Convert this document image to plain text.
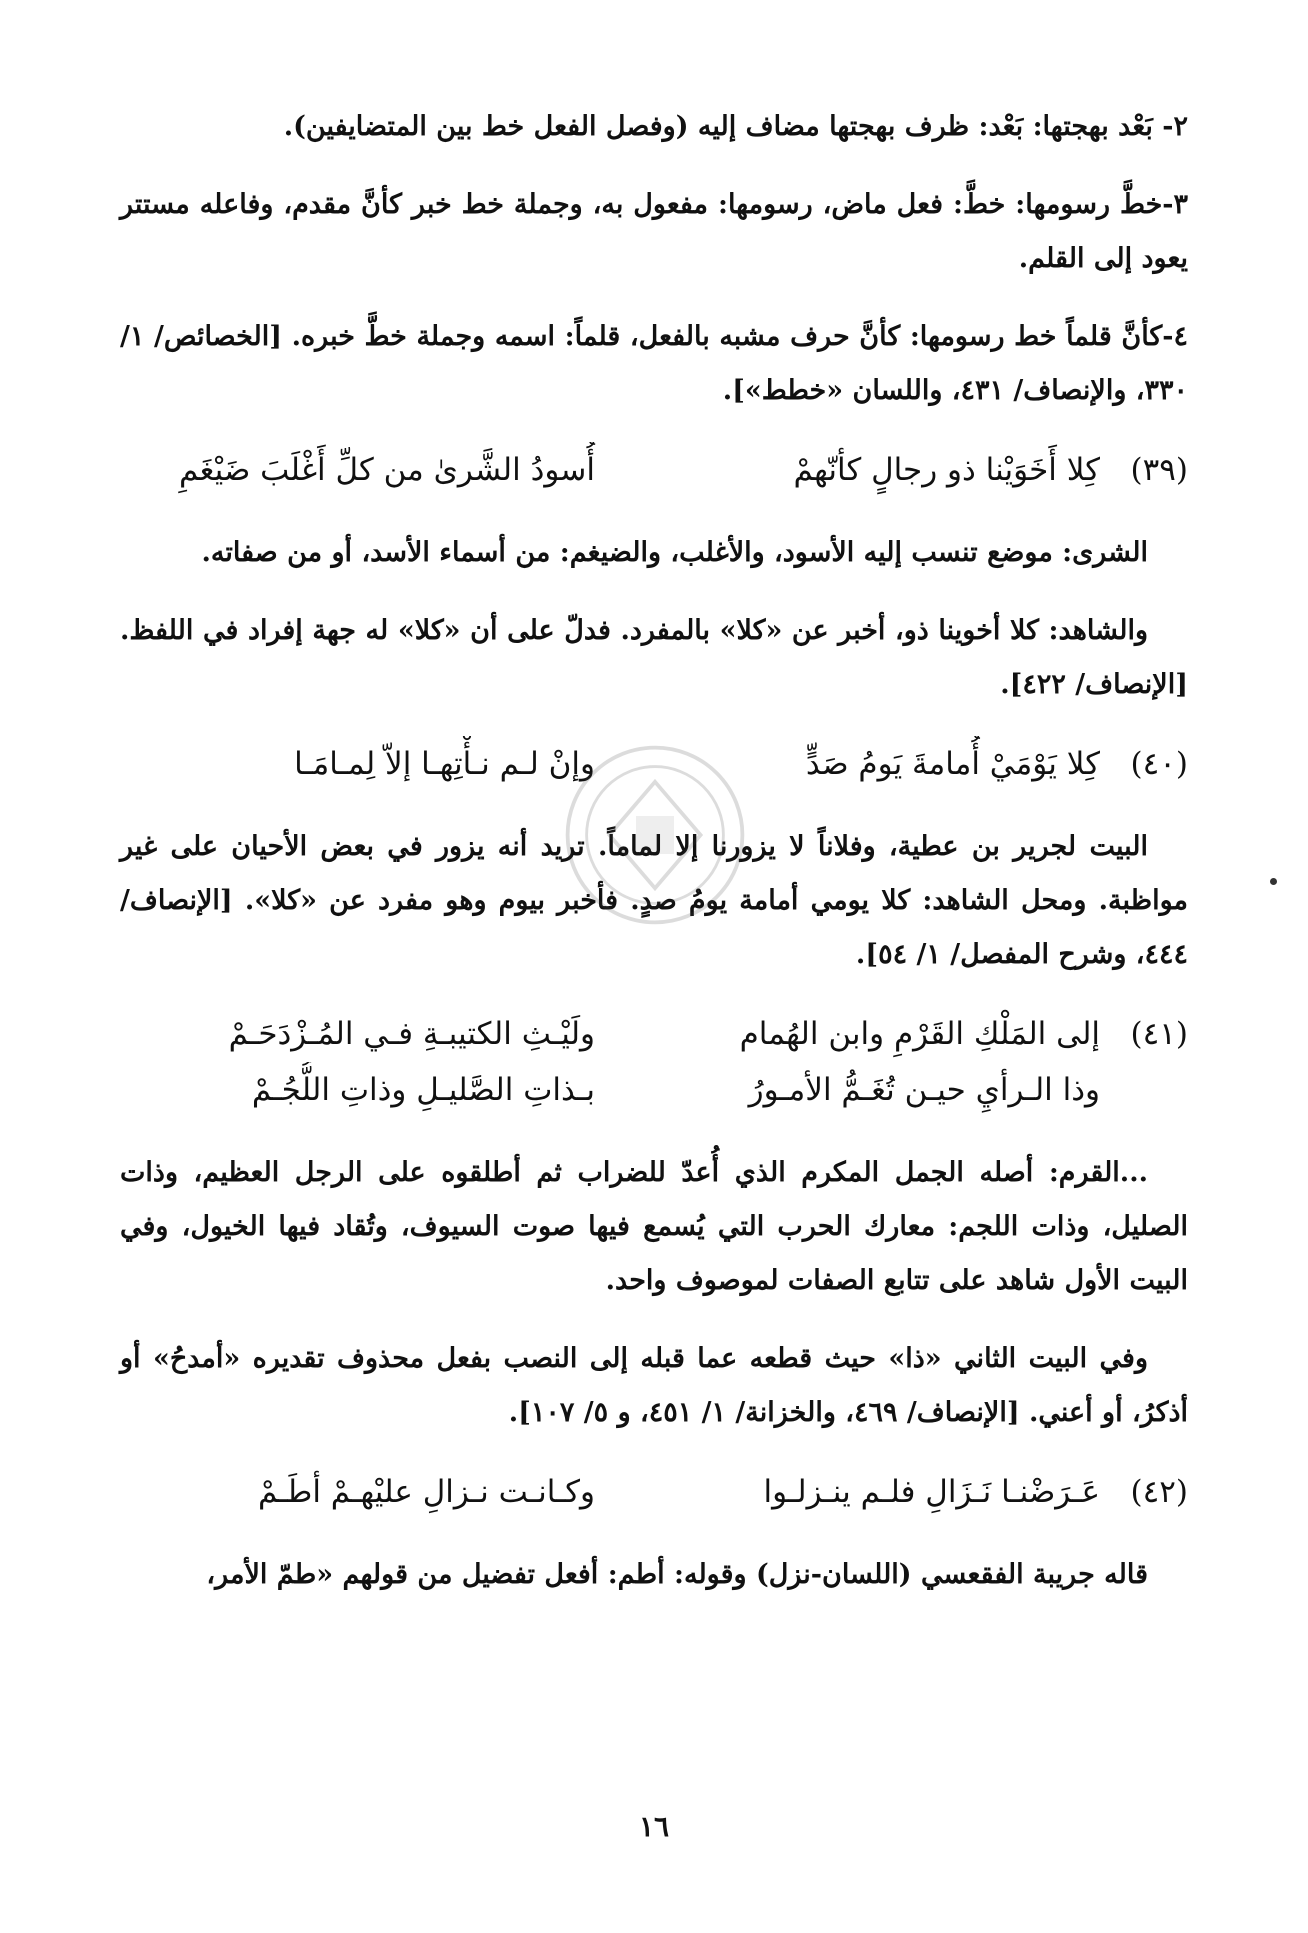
٢- بَعْد بهجتها: بَعْد: ظرف بهجتها مضاف إليه (وفصل الفعل خط بين المتضايفين).

٣-خطَّ رسومها: خطَّ: فعل ماض، رسومها: مفعول به، وجملة خط خبر كأنَّ مقدم، وفاعله مستتر يعود إلى القلم.

٤-كأنَّ قلماً خط رسومها: كأنَّ حرف مشبه بالفعل، قلماً: اسمه وجملة خطَّ خبره. [الخصائص/ ١/ ٣٣٠، والإنصاف/ ٤٣١، واللسان «خطط»].

(٣٩)
كِلا أَخَوَيْنا ذو رجالٍ كأنّهمْ
أُسودُ الشَّرىٰ من كلِّ أَغْلَبَ ضَيْغَمِ

الشرى: موضع تنسب إليه الأسود، والأغلب، والضيغم: من أسماء الأسد، أو من صفاته.

والشاهد: كلا أخوينا ذو، أخبر عن «كلا» بالمفرد. فدلّ على أن «كلا» له جهة إفراد في اللفظ. [الإنصاف/ ٤٢٢].

(٤٠)
كِلا يَوْمَيْ أُمامةَ يَومُ صَدٍّ
وإنْ لـم نـأْتِهـا إلاّ لِمـامَـا

البيت لجرير بن عطية، وفلاناً لا يزورنا إلا لماماً. تريد أنه يزور في بعض الأحيان على غير مواظبة. ومحل الشاهد: كلا يومي أمامة يومُ صدٍ. فأخبر بيوم وهو مفرد عن «كلا». [الإنصاف/ ٤٤٤، وشرح المفصل/ ١/ ٥٤].

(٤١)
إلى المَلْكِ القَرْمِ وابن الهُمام
ولَيْـثِ الكتيبـةِ فـي المُـزْدَحَـمْ
وذا الـرأيِ حيـن تُغَـمُّ الأمـورُ
بـذاتِ الصَّليـلِ وذاتِ اللُّجُـمْ

...القرم: أصله الجمل المكرم الذي أُعدّ للضراب ثم أطلقوه على الرجل العظيم، وذات الصليل، وذات اللجم: معارك الحرب التي يُسمع فيها صوت السيوف، وتُقاد فيها الخيول، وفي البيت الأول شاهد على تتابع الصفات لموصوف واحد.

وفي البيت الثاني «ذا» حيث قطعه عما قبله إلى النصب بفعل محذوف تقديره «أمدحُ» أو أذكرُ، أو أعني. [الإنصاف/ ٤٦٩، والخزانة/ ١/ ٤٥١، و ٥/ ١٠٧].

(٤٢)
عَـرَضْنـا نَـزَالِ فلـم ينـزلـوا
وكـانـت نـزالِ عليْهـمْ أطَـمْ

قاله جريبة الفقعسي (اللسان-نزل) وقوله: أطم: أفعل تفضيل من قولهم «طمّ الأمر،

١٦
